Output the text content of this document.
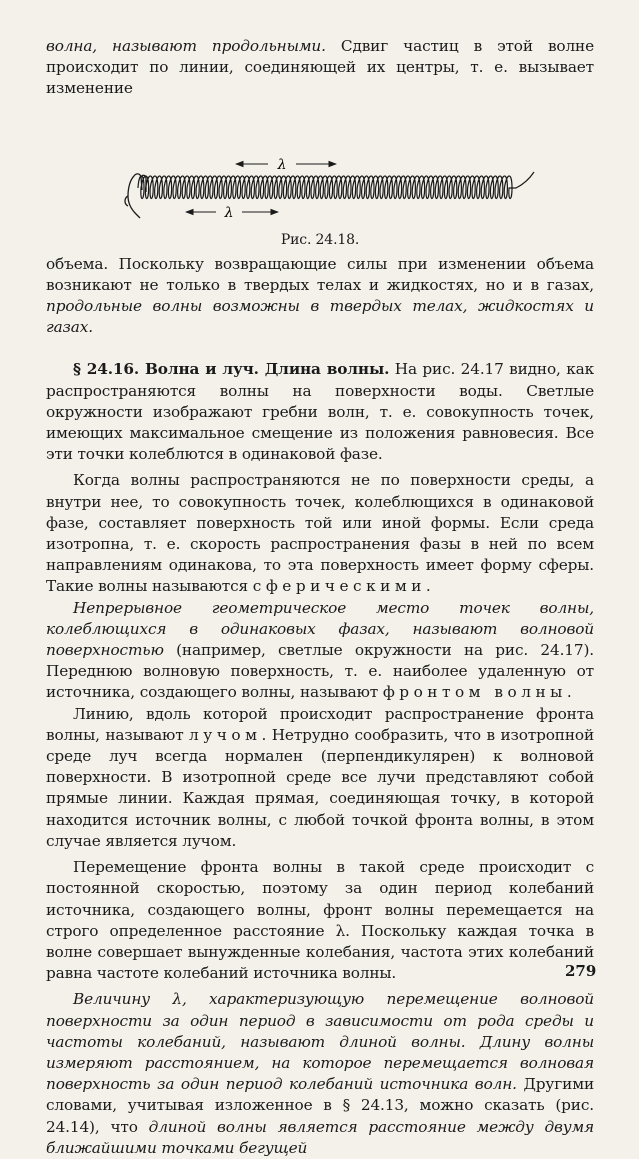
волна, называют продольными. Сдвиг частиц в этой волне происходит по линии, соединяющей их центры, т. е. вызывает изменение

λ
λ
Рис. 24.18.

объема. Поскольку возвращающие силы при изменении объема возникают не только в твердых телах и жидкостях, но и в газах, продольные волны возможны в твердых телах, жидкостях и газах.

§ 24.16. Волна и луч. Длина волны. На рис. 24.17 видно, как распространяются волны на поверхности воды. Светлые окружности изображают гребни волн, т. е. совокупность точек, имеющих максимальное смещение из положения равновесия. Все эти точки колеблются в одинаковой фазе.

Когда волны распространяются не по поверхности среды, а внутри нее, то совокупность точек, колеблющихся в одинаковой фазе, составляет поверхность той или иной формы. Если среда изотропна, т. е. скорость распространения фазы в ней по всем направлениям одинакова, то эта поверхность имеет форму сферы. Такие волны называются сферическими.

Непрерывное геометрическое место точек волны, колеблющихся в одинаковых фазах, называют волновой поверхностью (например, светлые окружности на рис. 24.17). Переднюю волновую поверхность, т. е. наиболее удаленную от источника, создающего волны, называют фронтом волны.

Линию, вдоль которой происходит распространение фронта волны, называют лучом. Нетрудно сообразить, что в изотропной среде луч всегда нормален (перпендикулярен) к волновой поверхности. В изотропной среде все лучи представляют собой прямые линии. Каждая прямая, соединяющая точку, в которой находится источник волны, с любой точкой фронта волны, в этом случае является лучом.

Перемещение фронта волны в такой среде происходит с постоянной скоростью, поэтому за один период колебаний источника, создающего волны, фронт волны перемещается на строго определенное расстояние λ. Поскольку каждая точка в волне совершает вынужденные колебания, частота этих колебаний равна частоте колебаний источника волны.

Величину λ, характеризующую перемещение волновой поверхности за один период в зависимости от рода среды и частоты колебаний, называют длиной волны. Длину волны измеряют расстоянием, на которое перемещается волновая поверхность за один период колебаний источника волн. Другими словами, учитывая изложенное в § 24.13, можно сказать (рис. 24.14), что длиной волны является расстояние между двумя ближайшими точками бегущей

279
